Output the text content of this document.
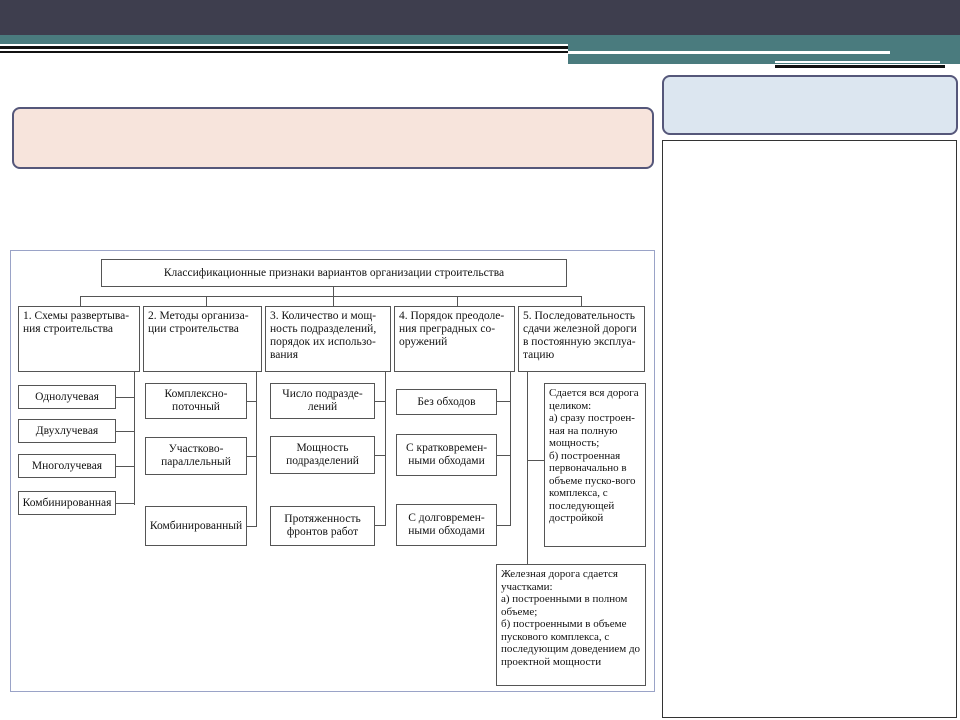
Классификационные признаки вариантов организации строительства
1. Схемы развертыва-ния строительства
2. Методы организа-ции строительства
3. Количество и мощ-ность подразделений, порядок их использо-вания
4. Порядок преодоле-ния преградных со-оружений
5. Последовательность сдачи железной дороги в постоянную эксплуа-тацию
Однолучевая
Двухлучевая
Многолучевая
Комбинированная
Комплексно-поточный
Участково-параллельный
Комбинированный
Число подразде-лений
Мощность подразделений
Протяженность фронтов работ
Без обходов
С кратковремен-ными обходами
С долговремен-ными обходами
Сдается вся дорога целиком:
а) сразу построен-ная на полную мощность;
б) построенная первоначально в объеме пуско-вого комплекса, с последующей достройкой
Железная дорога сдается участками:
а) построенными в полном объеме;
б) построенными в объеме пускового комплекса, с последующим доведением до проектной мощности
